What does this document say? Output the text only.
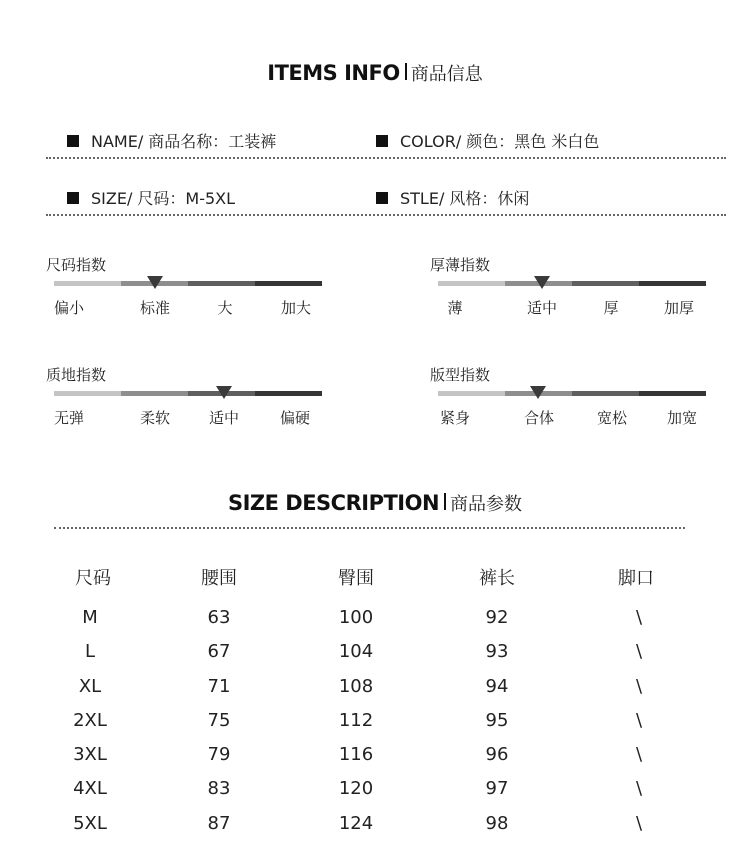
ITEMS INFO 商品信息
NAME/ 商品名称：工装裤	COLOR/ 颜色：黑色 米白色
SIZE/ 尺码：M-5XL	STLE/ 风格：休闲
尺码指数
偏小	标准	大	加大
厚薄指数
薄	适中	厚	加厚
质地指数
无弹	柔软	适中	偏硬
版型指数
紧身	合体	宽松	加宽
SIZE DESCRIPTION 商品参数
尺码	腰围	臀围	裤长	脚口
M	63	100	92	\
L	67	104	93	\
XL	71	108	94	\
2XL	75	112	95	\
3XL	79	116	96	\
4XL	83	120	97	\
5XL	87	124	98	\
